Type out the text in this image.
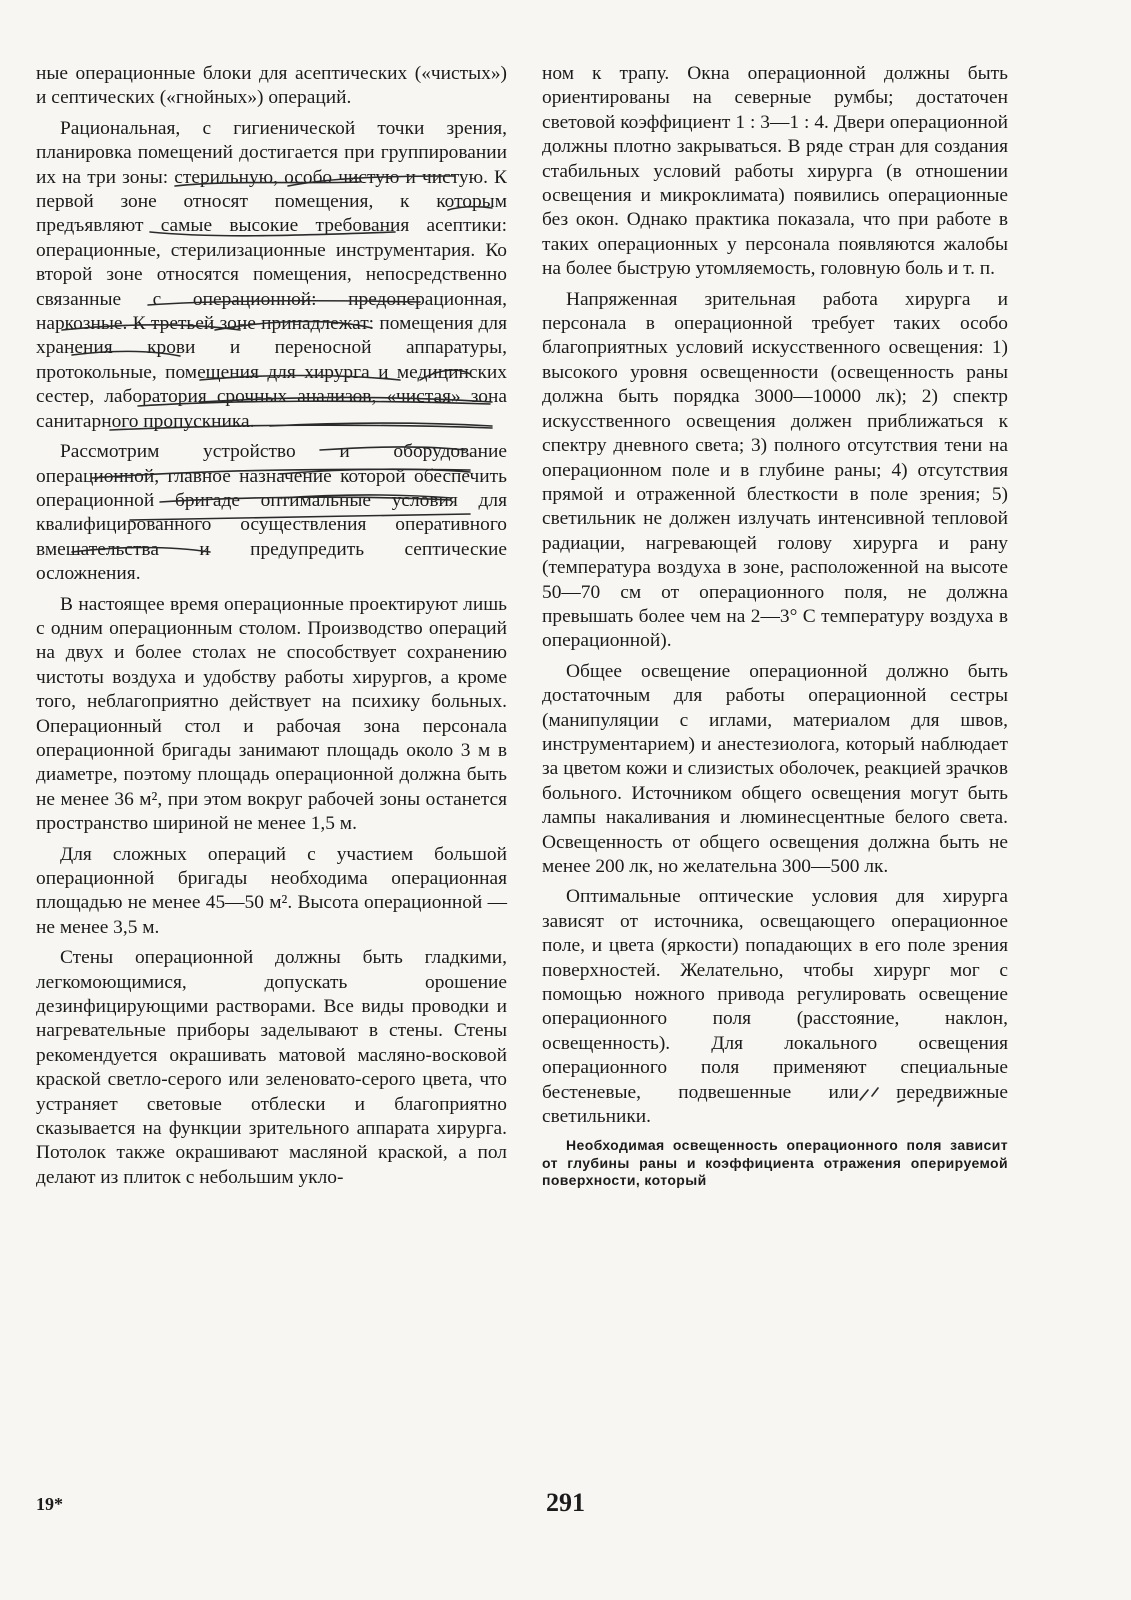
ные операционные блоки для асептических («чистых») и септических («гнойных») операций.

Рациональная, с гигиенической точки зрения, планировка помещений достигается при группировании их на три зоны: стерильную, особо чистую и чистую. К первой зоне относят помещения, к которым предъявляют самые высокие требования асептики: операционные, стерилизационные инструментария. Ко второй зоне относятся помещения, непосредственно связанные с операционной: предоперационная, наркозные. К третьей зоне принадлежат: помещения для хранения крови и переносной аппаратуры, протокольные, помещения для хирурга и медицинских сестер, лаборатория срочных анализов, «чистая» зона санитарного пропускника.

Рассмотрим устройство и оборудование операционной, главное назначение которой обеспечить операционной бригаде оптимальные условия для квалифицированного осуществления оперативного вмешательства и предупредить септические осложнения.

В настоящее время операционные проектируют лишь с одним операционным столом. Производство операций на двух и более столах не способствует сохранению чистоты воздуха и удобству работы хирургов, а кроме того, неблагоприятно действует на психику больных. Операционный стол и рабочая зона персонала операционной бригады занимают площадь около 3 м в диаметре, поэтому площадь операционной должна быть не менее 36 м², при этом вокруг рабочей зоны останется пространство шириной не менее 1,5 м.

Для сложных операций с участием большой операционной бригады необходима операционная площадью не менее 45—50 м². Высота операционной — не менее 3,5 м.

Стены операционной должны быть гладкими, легкомоющимися, допускать орошение дезинфицирующими растворами. Все виды проводки и нагревательные приборы заделывают в стены. Стены рекомендуется окрашивать матовой масляно-восковой краской светло-серого или зеленовато-серого цвета, что устраняет световые отблески и благоприятно сказывается на функции зрительного аппарата хирурга. Потолок также окрашивают масляной краской, а пол делают из плиток с небольшим укло-

ном к трапу. Окна операционной должны быть ориентированы на северные румбы; достаточен световой коэффициент 1 : 3—1 : 4. Двери операционной должны плотно закрываться. В ряде стран для создания стабильных условий работы хирурга (в отношении освещения и микроклимата) появились операционные без окон. Однако практика показала, что при работе в таких операционных у персонала появляются жалобы на более быструю утомляемость, головную боль и т. п.

Напряженная зрительная работа хирурга и персонала в операционной требует таких особо благоприятных условий искусственного освещения: 1) высокого уровня освещенности (освещенность раны должна быть порядка 3000—10000 лк); 2) спектр искусственного освещения должен приближаться к спектру дневного света; 3) полного отсутствия тени на операционном поле и в глубине раны; 4) отсутствия прямой и отраженной блесткости в поле зрения; 5) светильник не должен излучать интенсивной тепловой радиации, нагревающей голову хирурга и рану (температура воздуха в зоне, расположенной на высоте 50—70 см от операционного поля, не должна превышать более чем на 2—3° С температуру воздуха в операционной).

Общее освещение операционной должно быть достаточным для работы операционной сестры (манипуляции с иглами, материалом для швов, инструментарием) и анестезиолога, который наблюдает за цветом кожи и слизистых оболочек, реакцией зрачков больного. Источником общего освещения могут быть лампы накаливания и люминесцентные белого света. Освещенность от общего освещения должна быть не менее 200 лк, но желательна 300—500 лк.

Оптимальные оптические условия для хирурга зависят от источника, освещающего операционное поле, и цвета (яркости) попадающих в его поле зрения поверхностей. Желательно, чтобы хирург мог с помощью ножного привода регулировать освещение операционного поля (расстояние, наклон, освещенность). Для локального освещения операционного поля применяют специальные бестеневые, подвешенные или передвижные светильники.

Необходимая освещенность операционного поля зависит от глубины раны и коэффициента отражения оперируемой поверхности, который

19*	291
